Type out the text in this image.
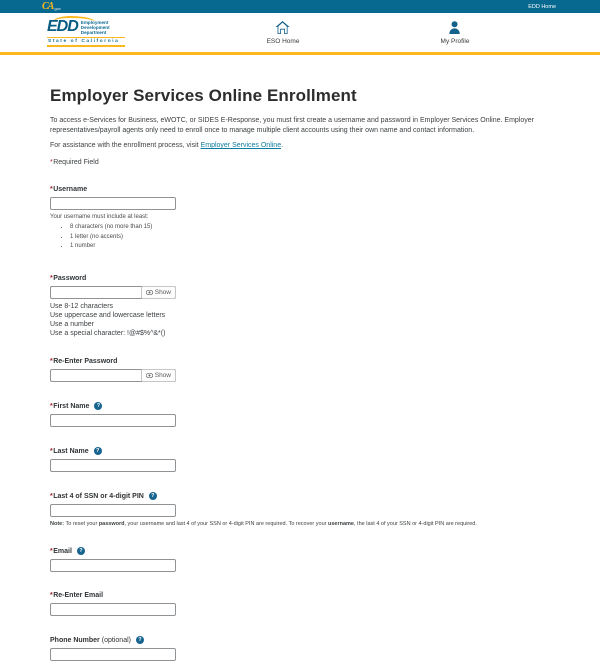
CA gov	EDD Home
EDD Employment
Development
Department
State of California	ESO Home	My Profile
Employer Services Online Enrollment

To access e-Services for Business, eWOTC, or SIDES E-Response, you must first create a username and password in Employer Services Online. Employer representatives/payroll agents only need to enroll once to manage multiple client accounts using their own name and contact information.

For assistance with the enrollment process, visit Employer Services Online.

*Required Field
* Username
Your username must include at least:
• 8 characters (no more than 15)
• 1 letter (no accents)
• 1 number
* Password
Show
Use 8-12 characters
Use uppercase and lowercase letters
Use a number
Use a special character: !@#$%^&*()
* Re-Enter Password
Show
* First Name	?
* Last Name	?
* Last 4 of SSN or 4-digit PIN	?
Note: To reset your password, your username and last 4 of your SSN or 4-digit PIN are required. To recover your username, the last 4 of your SSN or 4-digit PIN are required.
* Email	?
* Re-Enter Email
Phone Number (optional)	?
